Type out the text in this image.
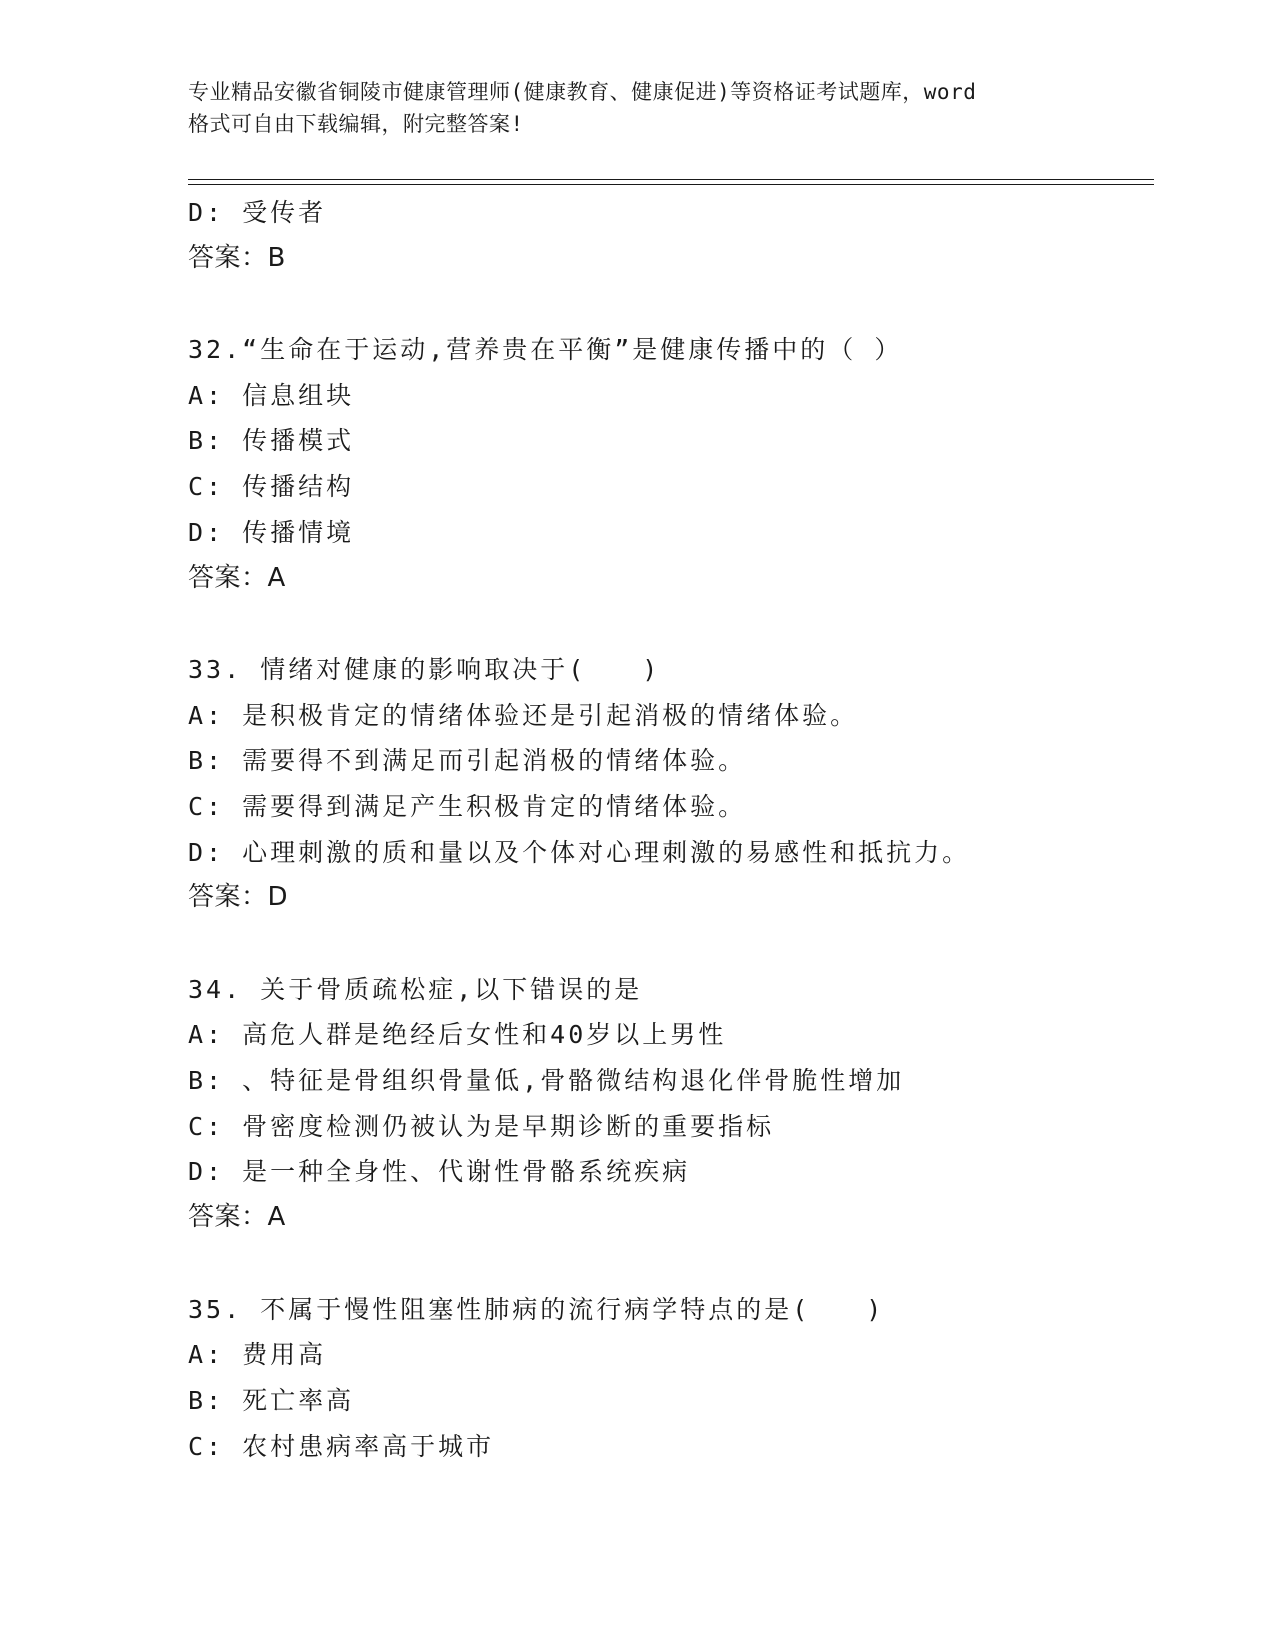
专业精品安徽省铜陵市健康管理师(健康教育、健康促进)等资格证考试题库，word
格式可自由下载编辑，附完整答案!
D: 受传者
答案：B
32.“生命在于运动,营养贵在平衡”是健康传播中的（ ）
A: 信息组块
B: 传播模式
C: 传播结构
D: 传播情境
答案：A
33. 情绪对健康的影响取决于(　　)
A: 是积极肯定的情绪体验还是引起消极的情绪体验。
B: 需要得不到满足而引起消极的情绪体验。
C: 需要得到满足产生积极肯定的情绪体验。
D: 心理刺激的质和量以及个体对心理刺激的易感性和抵抗力。
答案：D
34. 关于骨质疏松症,以下错误的是
A: 高危人群是绝经后女性和40岁以上男性
B: 、特征是骨组织骨量低,骨骼微结构退化伴骨脆性增加
C: 骨密度检测仍被认为是早期诊断的重要指标
D: 是一种全身性、代谢性骨骼系统疾病
答案：A
35. 不属于慢性阻塞性肺病的流行病学特点的是(　　)
A: 费用高
B: 死亡率高
C: 农村患病率高于城市
